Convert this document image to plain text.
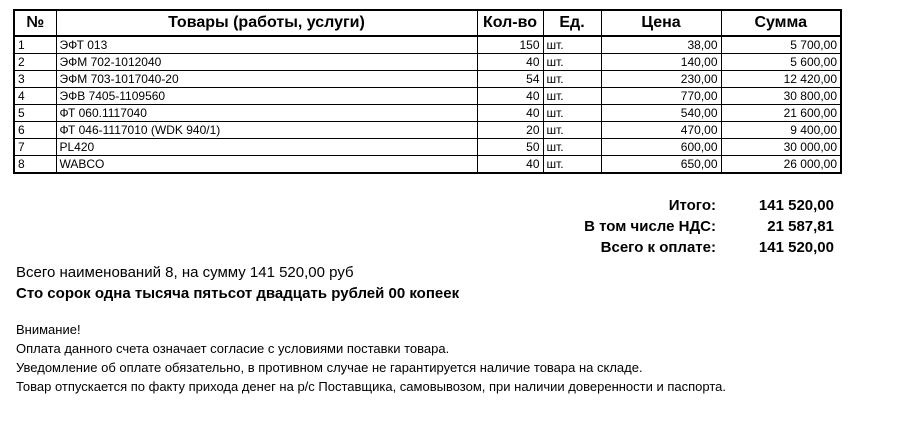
№	Товары (работы, услуги)	Кол-во	Ед.	Цена	Сумма
1	ЭФТ 013	150	шт.	38,00	5 700,00
2	ЭФМ 702-1012040	40	шт.	140,00	5 600,00
3	ЭФМ 703-1017040-20	54	шт.	230,00	12 420,00
4	ЭФВ 7405-1109560	40	шт.	770,00	30 800,00
5	ФТ 060.1117040	40	шт.	540,00	21 600,00
6	ФТ 046-1117010 (WDK 940/1)	20	шт.	470,00	9 400,00
7	PL420	50	шт.	600,00	30 000,00
8	WABCO	40	шт.	650,00	26 000,00
Итого:	141 520,00
В том числе НДС:	21 587,81
Всего к оплате:	141 520,00
Всего наименований 8, на сумму 141 520,00 руб
Сто сорок одна тысяча пятьсот двадцать рублей 00 копеек
Внимание!
Оплата данного счета означает согласие с условиями поставки товара.
Уведомление об оплате обязательно, в противном случае не гарантируется наличие товара на складе.
Товар отпускается по факту прихода денег на р/с Поставщика, самовывозом, при наличии доверенности и паспорта.
